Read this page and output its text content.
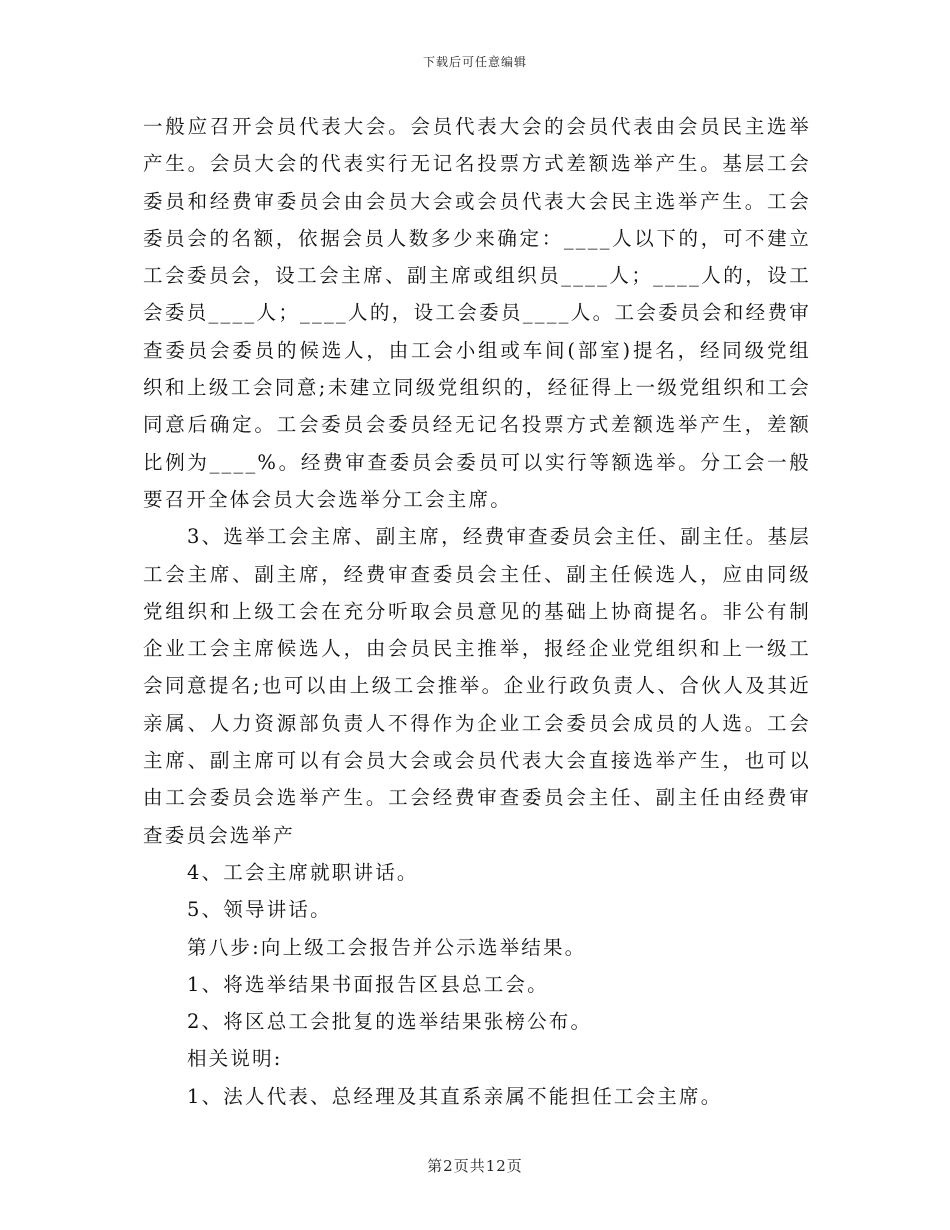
下载后可任意编辑

一般应召开会员代表大会。会员代表大会的会员代表由会员民主选举产生。会员大会的代表实行无记名投票方式差额选举产生。基层工会委员和经费审委员会由会员大会或会员代表大会民主选举产生。工会委员会的名额，依据会员人数多少来确定：____人以下的，可不建立工会委员会，设工会主席、副主席或组织员____人；____人的，设工会委员____人；____人的，设工会委员____人。工会委员会和经费审查委员会委员的候选人，由工会小组或车间(部室)提名，经同级党组织和上级工会同意;未建立同级党组织的，经征得上一级党组织和工会同意后确定。工会委员会委员经无记名投票方式差额选举产生，差额比例为____%。经费审查委员会委员可以实行等额选举。分工会一般要召开全体会员大会选举分工会主席。

3、选举工会主席、副主席，经费审查委员会主任、副主任。基层工会主席、副主席，经费审查委员会主任、副主任候选人，应由同级党组织和上级工会在充分听取会员意见的基础上协商提名。非公有制企业工会主席候选人，由会员民主推举，报经企业党组织和上一级工会同意提名;也可以由上级工会推举。企业行政负责人、合伙人及其近亲属、人力资源部负责人不得作为企业工会委员会成员的人选。工会主席、副主席可以有会员大会或会员代表大会直接选举产生，也可以由工会委员会选举产生。工会经费审查委员会主任、副主任由经费审查委员会选举产

4、工会主席就职讲话。

5、领导讲话。

第八步:向上级工会报告并公示选举结果。

1、将选举结果书面报告区县总工会。

2、将区总工会批复的选举结果张榜公布。

相关说明:

1、法人代表、总经理及其直系亲属不能担任工会主席。

第2页共12页
